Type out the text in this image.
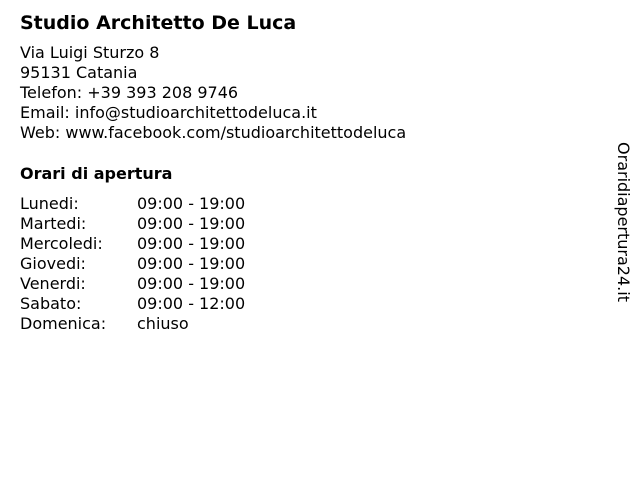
Studio Architetto De Luca
Via Luigi Sturzo 8
95131 Catania
Telefon: +39 393 208 9746
Email: info@studioarchitettodeluca.it
Web: www.facebook.com/studioarchitettodeluca
Orari di apertura
Lunedi:	09:00 - 19:00
Martedi:	09:00 - 19:00
Mercoledi: 09:00 - 19:00
Giovedi:	09:00 - 19:00
Venerdi:	09:00 - 19:00
Sabato:	09:00 - 12:00
Domenica: chiuso
Oraridiapertura24.it
